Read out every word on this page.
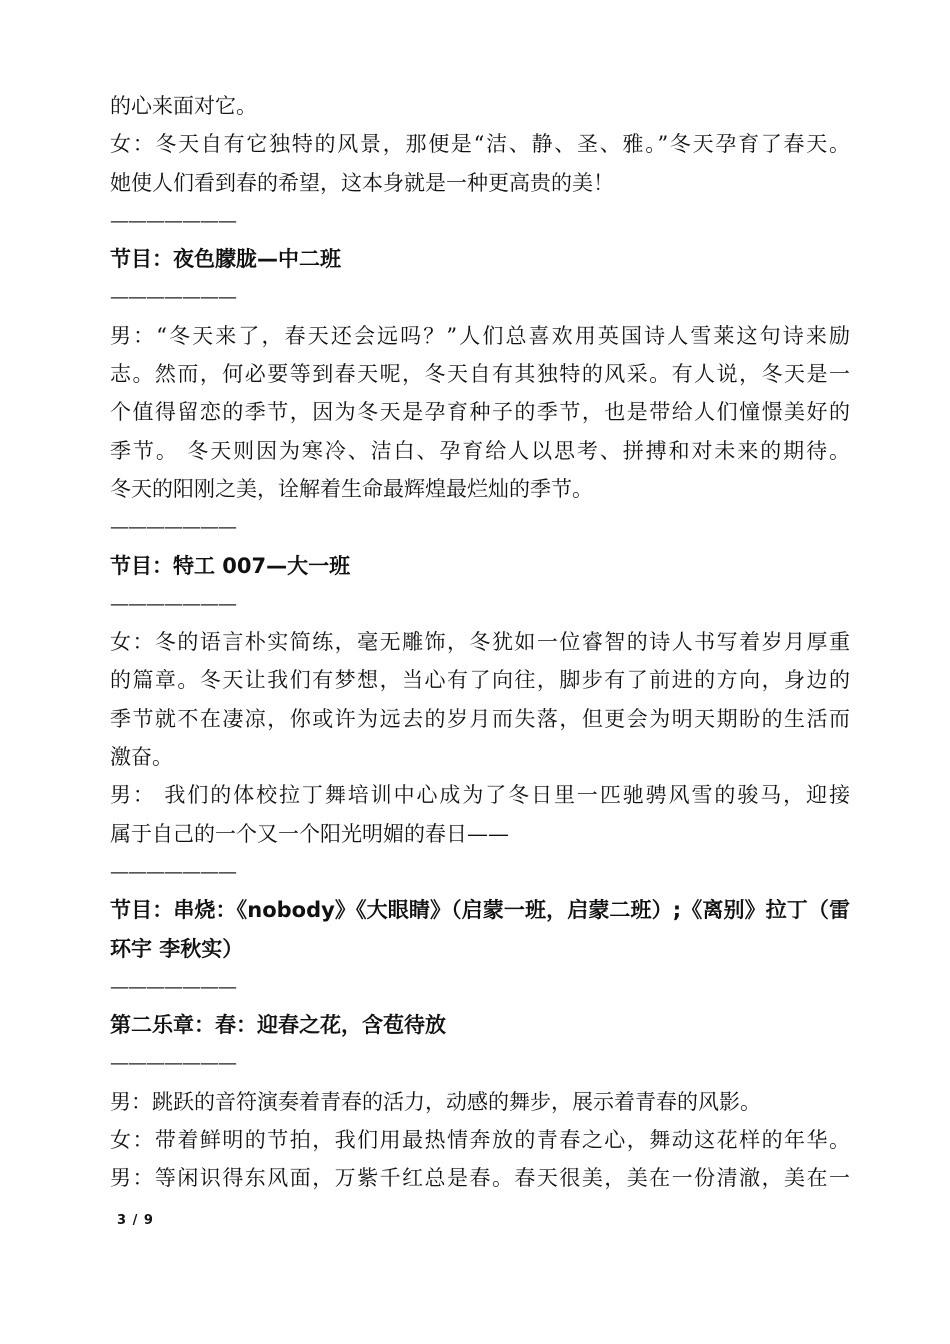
的心来面对它。
女：冬天自有它独特的风景，那便是“洁、静、圣、雅。”冬天孕育了春天。
她使人们看到春的希望，这本身就是一种更高贵的美！
———————
节目：夜色朦胧—中二班
———————
男：“冬天来了，春天还会远吗？”人们总喜欢用英国诗人雪莱这句诗来励
志。然而，何必要等到春天呢，冬天自有其独特的风采。有人说，冬天是一
个值得留恋的季节，因为冬天是孕育种子的季节，也是带给人们憧憬美好的
季节。 冬天则因为寒冷、洁白、孕育给人以思考、拼搏和对未来的期待。
冬天的阳刚之美，诠解着生命最辉煌最烂灿的季节。
———————
节目：特工 007—大一班
———————
女：冬的语言朴实简练，毫无雕饰，冬犹如一位睿智的诗人书写着岁月厚重
的篇章。冬天让我们有梦想，当心有了向往，脚步有了前进的方向，身边的
季节就不在凄凉，你或许为远去的岁月而失落，但更会为明天期盼的生活而
激奋。
男： 我们的体校拉丁舞培训中心成为了冬日里一匹驰骋风雪的骏马，迎接
属于自己的一个又一个阳光明媚的春日——
———————
节目：串烧：《nobody》《大眼睛》（启蒙一班，启蒙二班）;《离别》拉丁（雷
环宇 李秋实）
———————
第二乐章：春：迎春之花，含苞待放
———————
男：跳跃的音符演奏着青春的活力，动感的舞步，展示着青春的风影。
女：带着鲜明的节拍，我们用最热情奔放的青春之心，舞动这花样的年华。
男：等闲识得东风面，万紫千红总是春。春天很美，美在一份清澈，美在一
3 / 9
